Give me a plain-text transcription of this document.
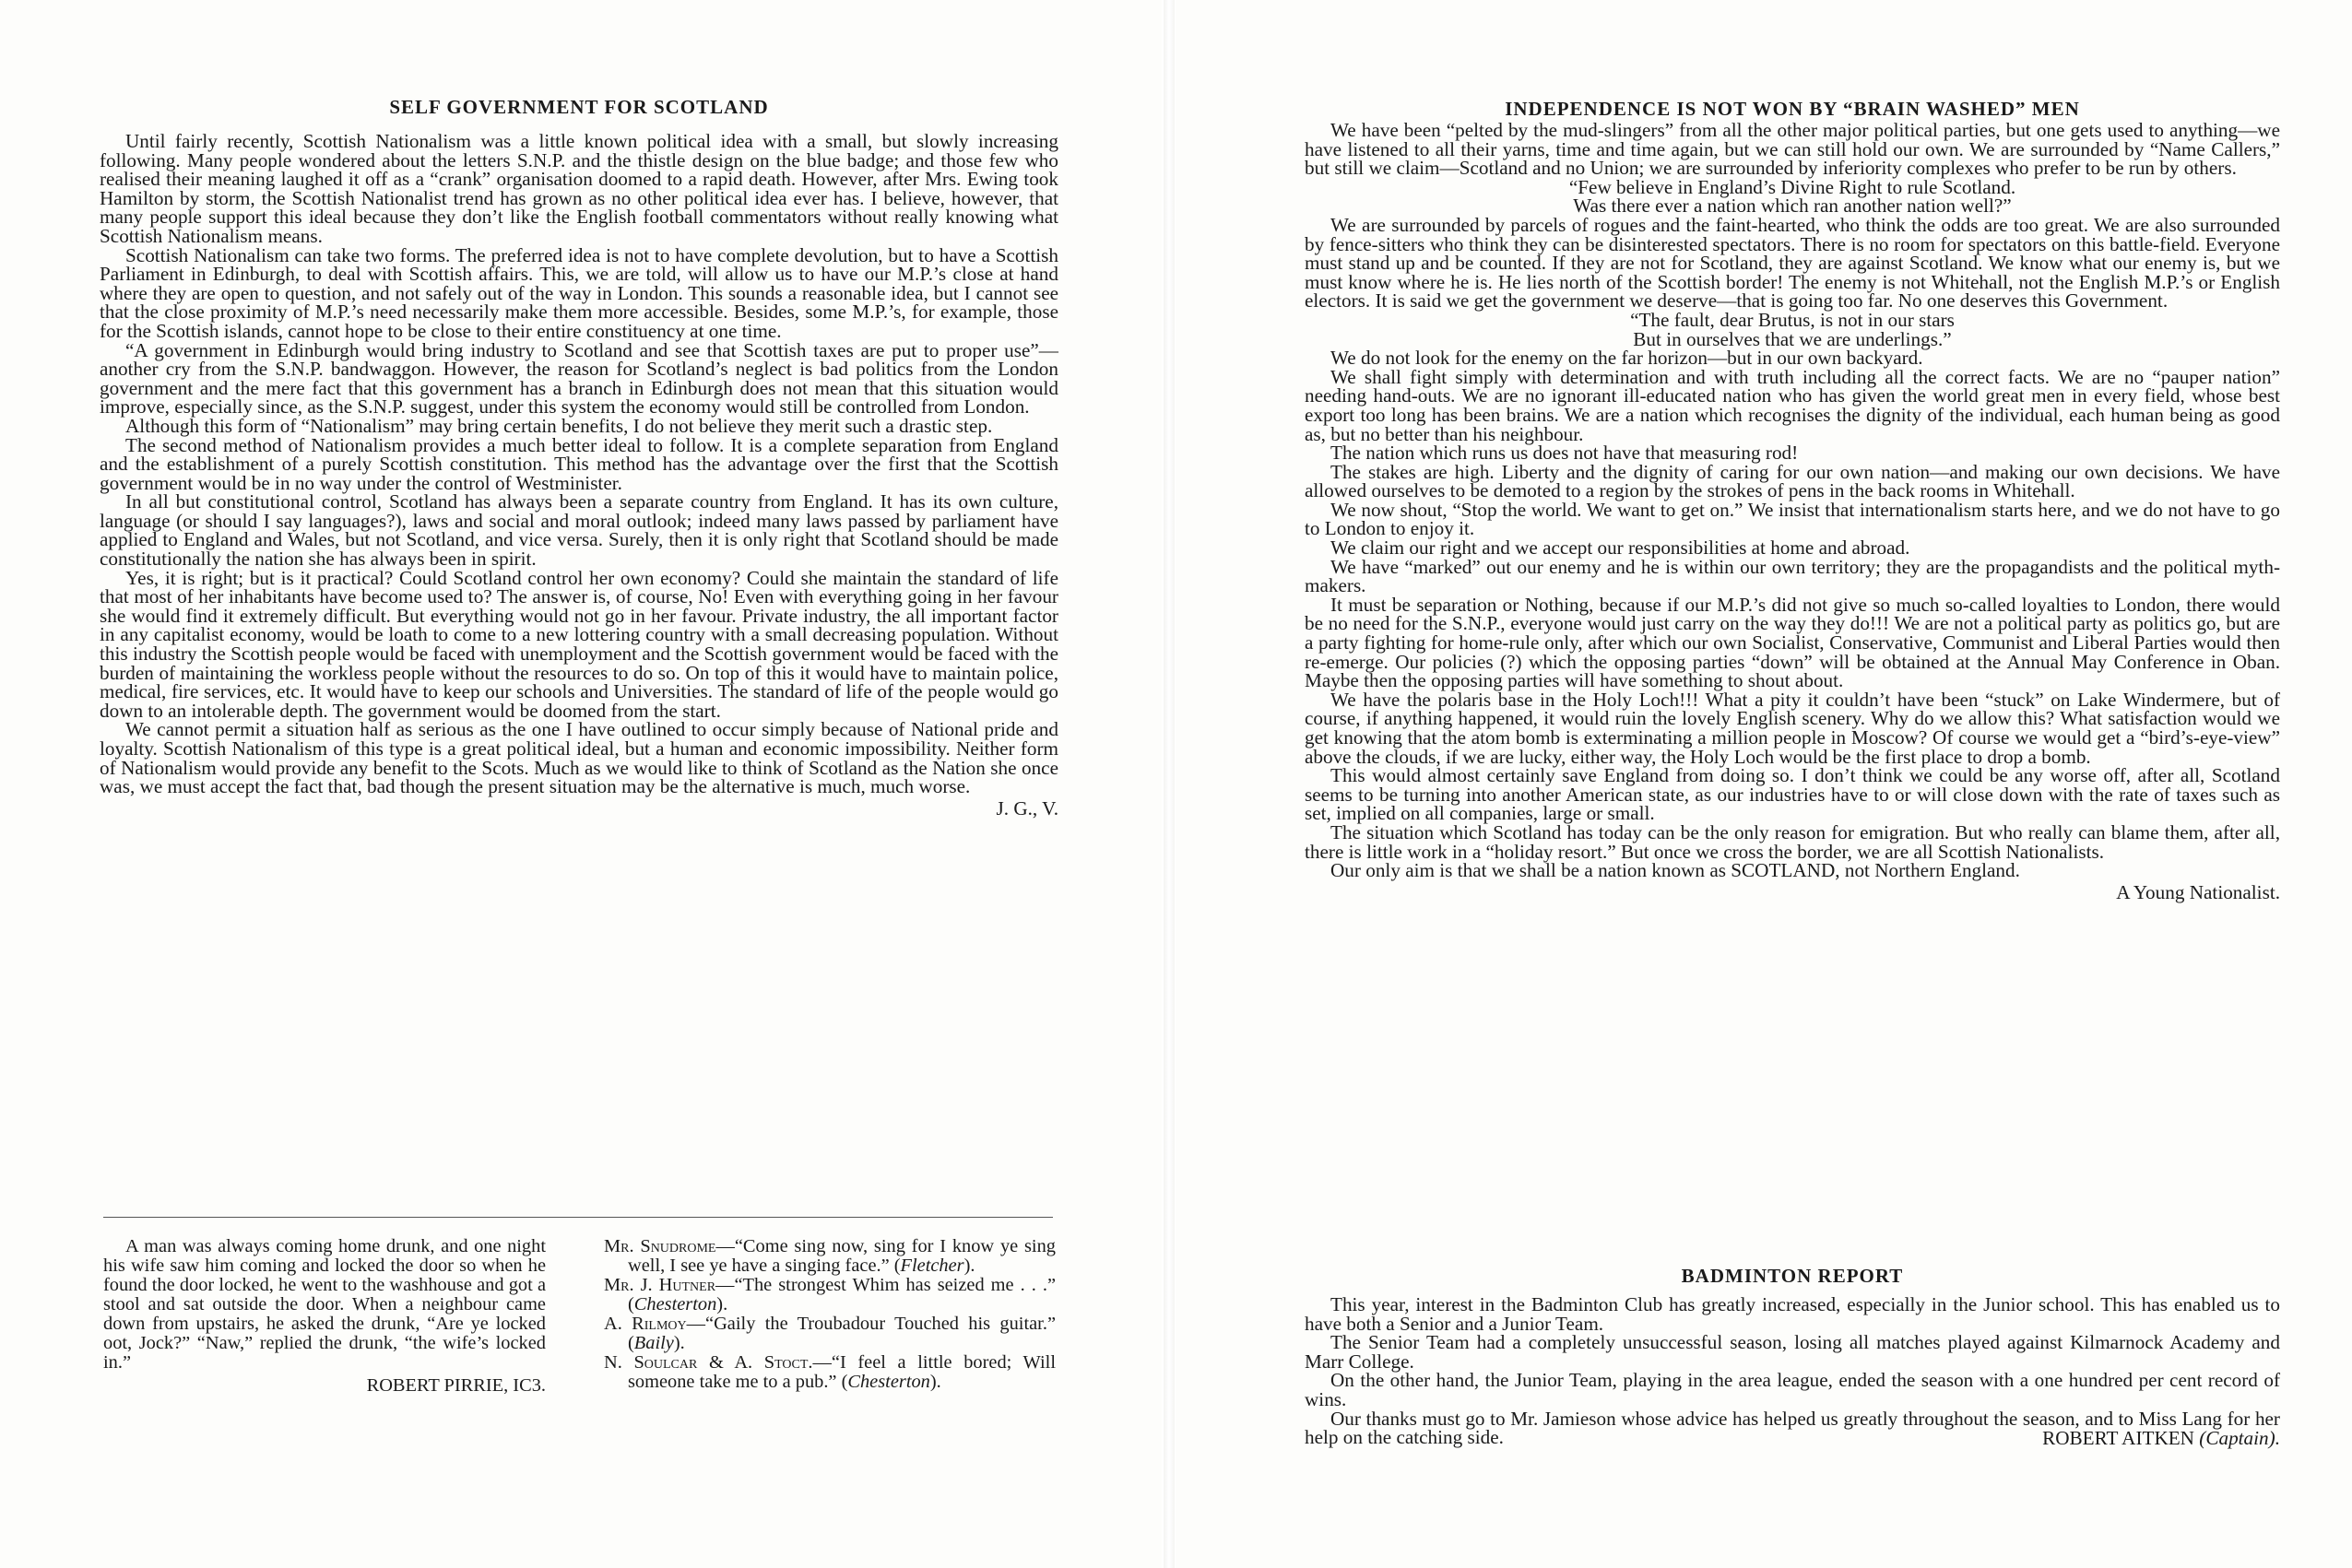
SELF GOVERNMENT FOR SCOTLAND

Until fairly recently, Scottish Nationalism was a little known political idea with a small, but slowly increasing following. Many people wondered about the letters S.N.P. and the thistle design on the blue badge; and those few who realised their meaning laughed it off as a “crank” organisation doomed to a rapid death. However, after Mrs. Ewing took Hamilton by storm, the Scottish Nationalist trend has grown as no other political idea ever has. I believe, however, that many people support this ideal because they don’t like the English football commentators without really knowing what Scottish Nationalism means.

Scottish Nationalism can take two forms. The preferred idea is not to have complete devolution, but to have a Scottish Parliament in Edinburgh, to deal with Scottish affairs. This, we are told, will allow us to have our M.P.’s close at hand where they are open to question, and not safely out of the way in London. This sounds a reasonable idea, but I cannot see that the close proximity of M.P.’s need necessarily make them more accessible. Besides, some M.P.’s, for example, those for the Scottish islands, cannot hope to be close to their entire constituency at one time.

“A government in Edinburgh would bring industry to Scotland and see that Scottish taxes are put to proper use”—another cry from the S.N.P. bandwaggon. However, the reason for Scotland’s neglect is bad politics from the London government and the mere fact that this government has a branch in Edinburgh does not mean that this situation would improve, especially since, as the S.N.P. suggest, under this system the economy would still be controlled from London.

Although this form of “Nationalism” may bring certain benefits, I do not believe they merit such a drastic step.

The second method of Nationalism provides a much better ideal to follow. It is a complete separation from England and the establishment of a purely Scottish constitution. This method has the advantage over the first that the Scottish government would be in no way under the control of Westminister.

In all but constitutional control, Scotland has always been a separate country from England. It has its own culture, language (or should I say languages?), laws and social and moral outlook; indeed many laws passed by parliament have applied to England and Wales, but not Scotland, and vice versa. Surely, then it is only right that Scotland should be made constitutionally the nation she has always been in spirit.

Yes, it is right; but is it practical? Could Scotland control her own economy? Could she maintain the standard of life that most of her inhabitants have become used to? The answer is, of course, No! Even with everything going in her favour she would find it extremely difficult. But everything would not go in her favour. Private industry, the all important factor in any capitalist economy, would be loath to come to a new lottering country with a small decreasing population. Without this industry the Scottish people would be faced with unemployment and the Scottish government would be faced with the burden of maintaining the workless people without the resources to do so. On top of this it would have to maintain police, medical, fire services, etc. It would have to keep our schools and Universities. The standard of life of the people would go down to an intolerable depth. The government would be doomed from the start.

We cannot permit a situation half as serious as the one I have outlined to occur simply because of National pride and loyalty. Scottish Nationalism of this type is a great political ideal, but a human and economic impossibility. Neither form of Nationalism would provide any benefit to the Scots. Much as we would like to think of Scotland as the Nation she once was, we must accept the fact that, bad though the present situation may be the alternative is much, much worse.

J. G., V.

A man was always coming home drunk, and one night his wife saw him coming and locked the door so when he found the door locked, he went to the washhouse and got a stool and sat outside the door. When a neighbour came down from upstairs, he asked the drunk, “Are ye locked oot, Jock?” “Naw,” replied the drunk, “the wife’s locked in.”

ROBERT PIRRIE, IC3.
Mr. Snudrome—“Come sing now, sing for I know ye sing well, I see ye have a singing face.” (Fletcher).
Mr. J. Hutner—“The strongest Whim has seized me . . .” (Chesterton).
A. Rilmoy—“Gaily the Troubadour Touched his guitar.” (Baily).
N. Soulcar & A. Stoct.—“I feel a little bored; Will someone take me to a pub.” (Chesterton).
INDEPENDENCE IS NOT WON BY “BRAIN WASHED” MEN

We have been “pelted by the mud-slingers” from all the other major political parties, but one gets used to anything—we have listened to all their yarns, time and time again, but we can still hold our own. We are surrounded by “Name Callers,” but still we claim—Scotland and no Union; we are surrounded by inferiority complexes who prefer to be run by others.

“Few believe in England’s Divine Right to rule Scotland.

Was there ever a nation which ran another nation well?”

We are surrounded by parcels of rogues and the faint-hearted, who think the odds are too great. We are also surrounded by fence-sitters who think they can be disinterested spectators. There is no room for spectators on this battle-field. Everyone must stand up and be counted. If they are not for Scotland, they are against Scotland. We know what our enemy is, but we must know where he is. He lies north of the Scottish border! The enemy is not Whitehall, not the English M.P.’s or English electors. It is said we get the government we deserve—that is going too far. No one deserves this Government.

“The fault, dear Brutus, is not in our stars

But in ourselves that we are underlings.”

We do not look for the enemy on the far horizon—but in our own backyard.

We shall fight simply with determination and with truth including all the correct facts. We are no “pauper nation” needing hand-outs. We are no ignorant ill-educated nation who has given the world great men in every field, whose best export too long has been brains. We are a nation which recognises the dignity of the individual, each human being as good as, but no better than his neighbour.

The nation which runs us does not have that measuring rod!

The stakes are high. Liberty and the dignity of caring for our own nation—and making our own decisions. We have allowed ourselves to be demoted to a region by the strokes of pens in the back rooms in Whitehall.

We now shout, “Stop the world. We want to get on.” We insist that internationalism starts here, and we do not have to go to London to enjoy it.

We claim our right and we accept our responsibilities at home and abroad.

We have “marked” out our enemy and he is within our own territory; they are the propagandists and the political myth-makers.

It must be separation or Nothing, because if our M.P.’s did not give so much so-called loyalties to London, there would be no need for the S.N.P., everyone would just carry on the way they do!!! We are not a political party as politics go, but are a party fighting for home-rule only, after which our own Socialist, Conservative, Communist and Liberal Parties would then re-emerge. Our policies (?) which the opposing parties “down” will be obtained at the Annual May Conference in Oban. Maybe then the opposing parties will have something to shout about.

We have the polaris base in the Holy Loch!!! What a pity it couldn’t have been “stuck” on Lake Windermere, but of course, if anything happened, it would ruin the lovely English scenery. Why do we allow this? What satisfaction would we get knowing that the atom bomb is exterminating a million people in Moscow? Of course we would get a “bird’s-eye-view” above the clouds, if we are lucky, either way, the Holy Loch would be the first place to drop a bomb.

This would almost certainly save England from doing so. I don’t think we could be any worse off, after all, Scotland seems to be turning into another American state, as our industries have to or will close down with the rate of taxes such as set, implied on all companies, large or small.

The situation which Scotland has today can be the only reason for emigration. But who really can blame them, after all, there is little work in a “holiday resort.” But once we cross the border, we are all Scottish Nationalists.

Our only aim is that we shall be a nation known as SCOTLAND, not Northern England.

A Young Nationalist.
BADMINTON REPORT

This year, interest in the Badminton Club has greatly increased, especially in the Junior school. This has enabled us to have both a Senior and a Junior Team.

The Senior Team had a completely unsuccessful season, losing all matches played against Kilmarnock Academy and Marr College.

On the other hand, the Junior Team, playing in the area league, ended the season with a one hundred per cent record of wins.

Our thanks must go to Mr. Jamieson whose advice has helped us greatly throughout the season, and to Miss Lang for her help on the catching side.	ROBERT AITKEN (Captain).
